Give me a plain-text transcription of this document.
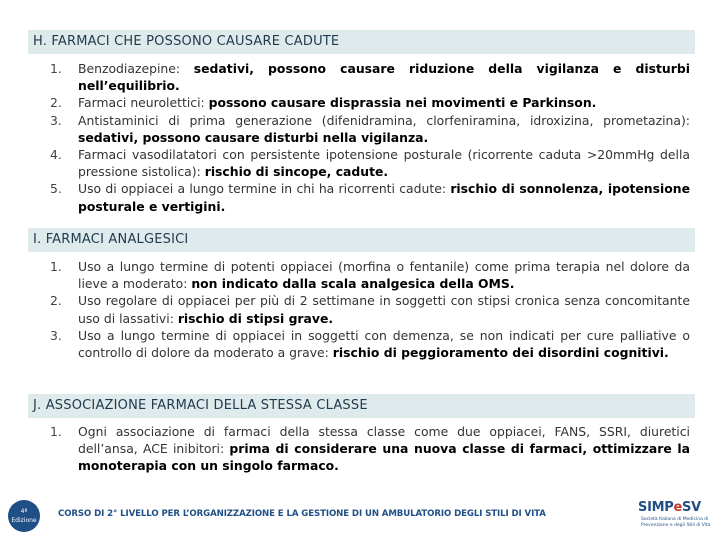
H. FARMACI CHE POSSONO CAUSARE CADUTE
1. Benzodiazepine: sedativi, possono causare riduzione della vigilanza e disturbi nell’equilibrio.
2. Farmaci neurolettici: possono causare disprassia nei movimenti e Parkinson.
3. Antistaminici di prima generazione (difenidramina, clorfeniramina, idroxizina, prometazina): sedativi, possono causare disturbi nella vigilanza.
4. Farmaci vasodilatatori con persistente ipotensione posturale (ricorrente caduta >20mmHg della pressione sistolica): rischio di sincope, cadute.
5. Uso di oppiacei a lungo termine in chi ha ricorrenti cadute: rischio di sonnolenza, ipotensione posturale e vertigini.
I. FARMACI ANALGESICI
1. Uso a lungo termine di potenti oppiacei (morfina o fentanile) come prima terapia nel dolore da lieve a moderato: non indicato dalla scala analgesica della OMS.
2. Uso regolare di oppiacei per più di 2 settimane in soggetti con stipsi cronica senza concomitante uso di lassativi: rischio di stipsi grave.
3. Uso a lungo termine di oppiacei in soggetti con demenza, se non indicati per cure palliative o controllo di dolore da moderato a grave: rischio di peggioramento dei disordini cognitivi.
J. ASSOCIAZIONE FARMACI DELLA STESSA CLASSE
1. Ogni associazione di farmaci della stessa classe come due oppiacei, FANS, SSRI, diuretici dell’ansa, ACE inibitori: prima di considerare una nuova classe di farmaci, ottimizzare la monoterapia con un singolo farmaco.
4ª Edizione
CORSO DI 2° LIVELLO PER L’ORGANIZZAZIONE E LA GESTIONE DI UN AMBULATORIO DEGLI STILI DI VITA	SIMPeSV
Società Italiana di Medicina di Prevenzione e degli Stili di Vita
